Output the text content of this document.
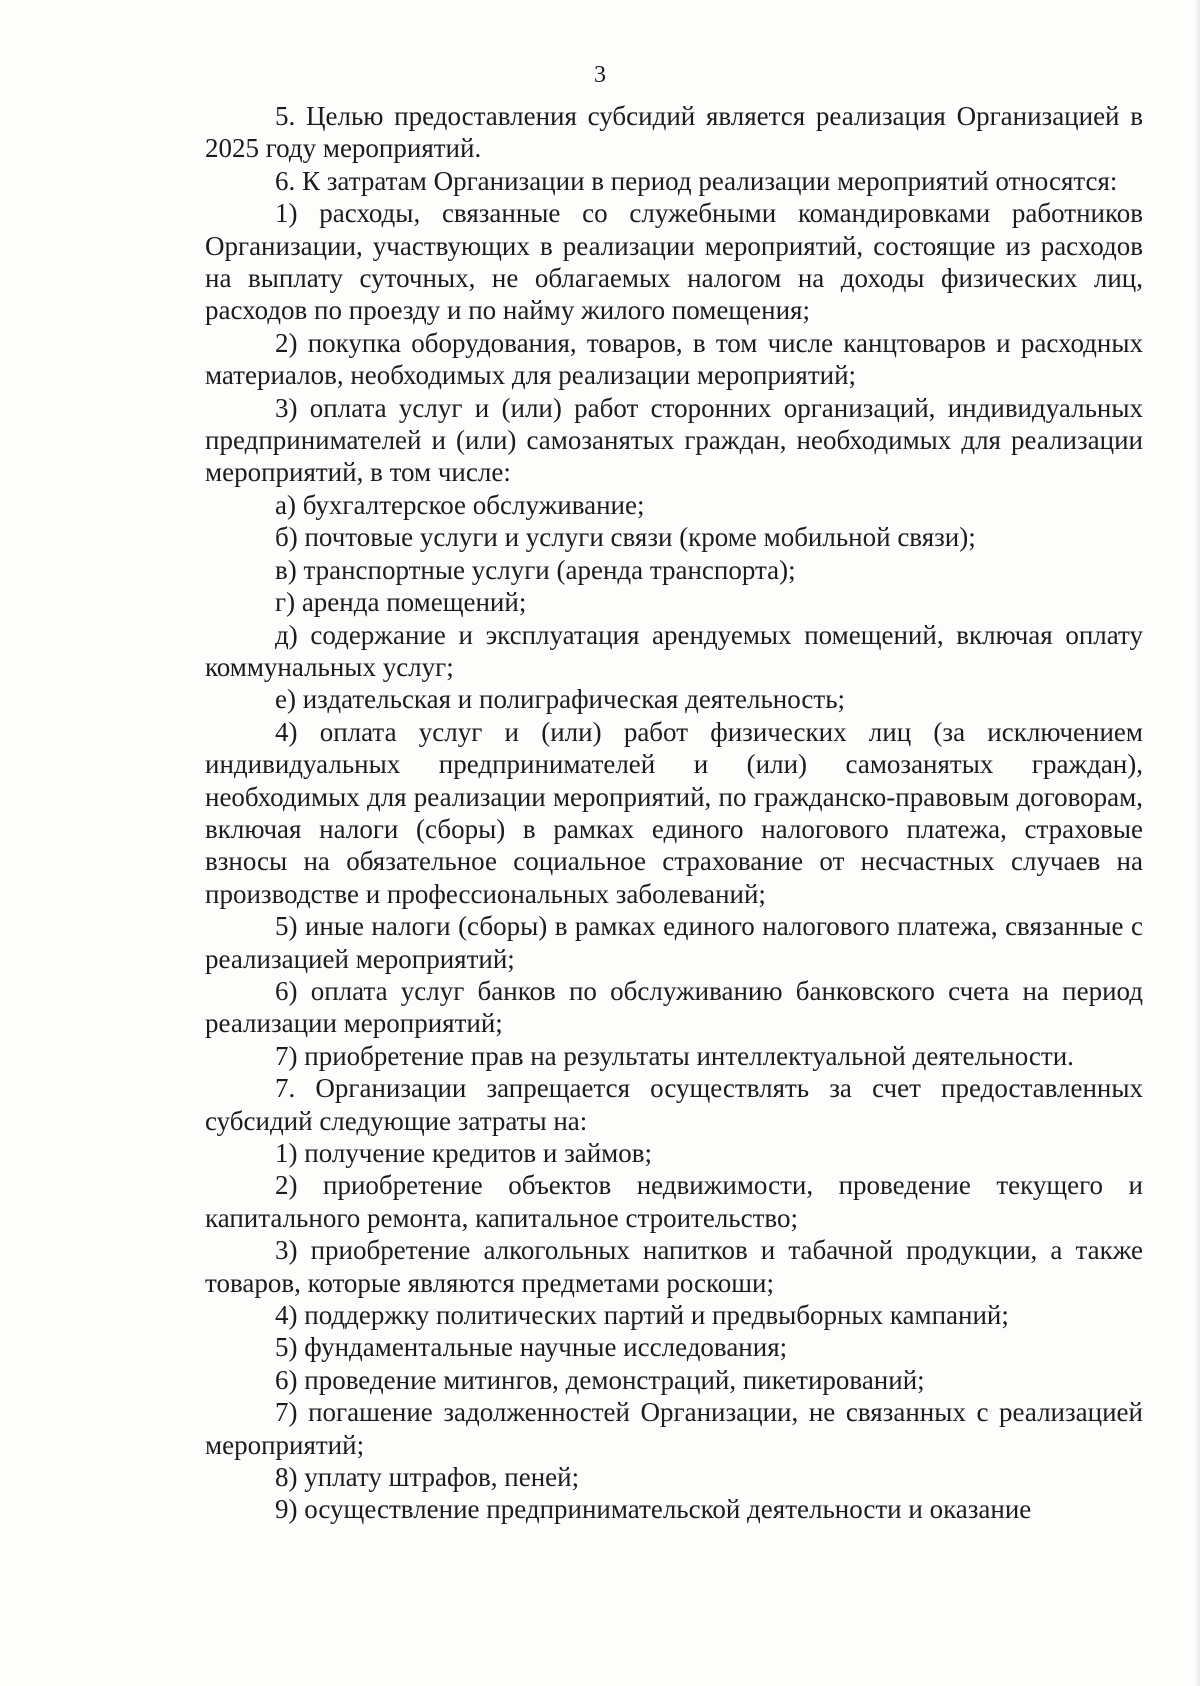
3

5. Целью предоставления субсидий является реализация Организацией в 2025 году мероприятий.

6. К затратам Организации в период реализации мероприятий относятся:

1) расходы, связанные со служебными командировками работников Организации, участвующих в реализации мероприятий, состоящие из расходов на выплату суточных, не облагаемых налогом на доходы физических лиц, расходов по проезду и по найму жилого помещения;

2) покупка оборудования, товаров, в том числе канцтоваров и расходных материалов, необходимых для реализации мероприятий;

3) оплата услуг и (или) работ сторонних организаций, индивидуальных предпринимателей и (или) самозанятых граждан, необходимых для реализации мероприятий, в том числе:

а) бухгалтерское обслуживание;

б) почтовые услуги и услуги связи (кроме мобильной связи);

в) транспортные услуги (аренда транспорта);

г) аренда помещений;

д) содержание и эксплуатация арендуемых помещений, включая оплату коммунальных услуг;

е) издательская и полиграфическая деятельность;

4) оплата услуг и (или) работ физических лиц (за исключением индивидуальных предпринимателей и (или) самозанятых граждан), необходимых для реализации мероприятий, по гражданско-правовым договорам, включая налоги (сборы) в рамках единого налогового платежа, страховые взносы на обязательное социальное страхование от несчастных случаев на производстве и профессиональных заболеваний;

5) иные налоги (сборы) в рамках единого налогового платежа, связанные с реализацией мероприятий;

6) оплата услуг банков по обслуживанию банковского счета на период реализации мероприятий;

7) приобретение прав на результаты интеллектуальной деятельности.

7. Организации запрещается осуществлять за счет предоставленных субсидий следующие затраты на:

1) получение кредитов и займов;

2) приобретение объектов недвижимости, проведение текущего и капитального ремонта, капитальное строительство;

3) приобретение алкогольных напитков и табачной продукции, а также товаров, которые являются предметами роскоши;

4) поддержку политических партий и предвыборных кампаний;

5) фундаментальные научные исследования;

6) проведение митингов, демонстраций, пикетирований;

7) погашение задолженностей Организации, не связанных с реализацией мероприятий;

8) уплату штрафов, пеней;

9) осуществление предпринимательской деятельности и оказание
